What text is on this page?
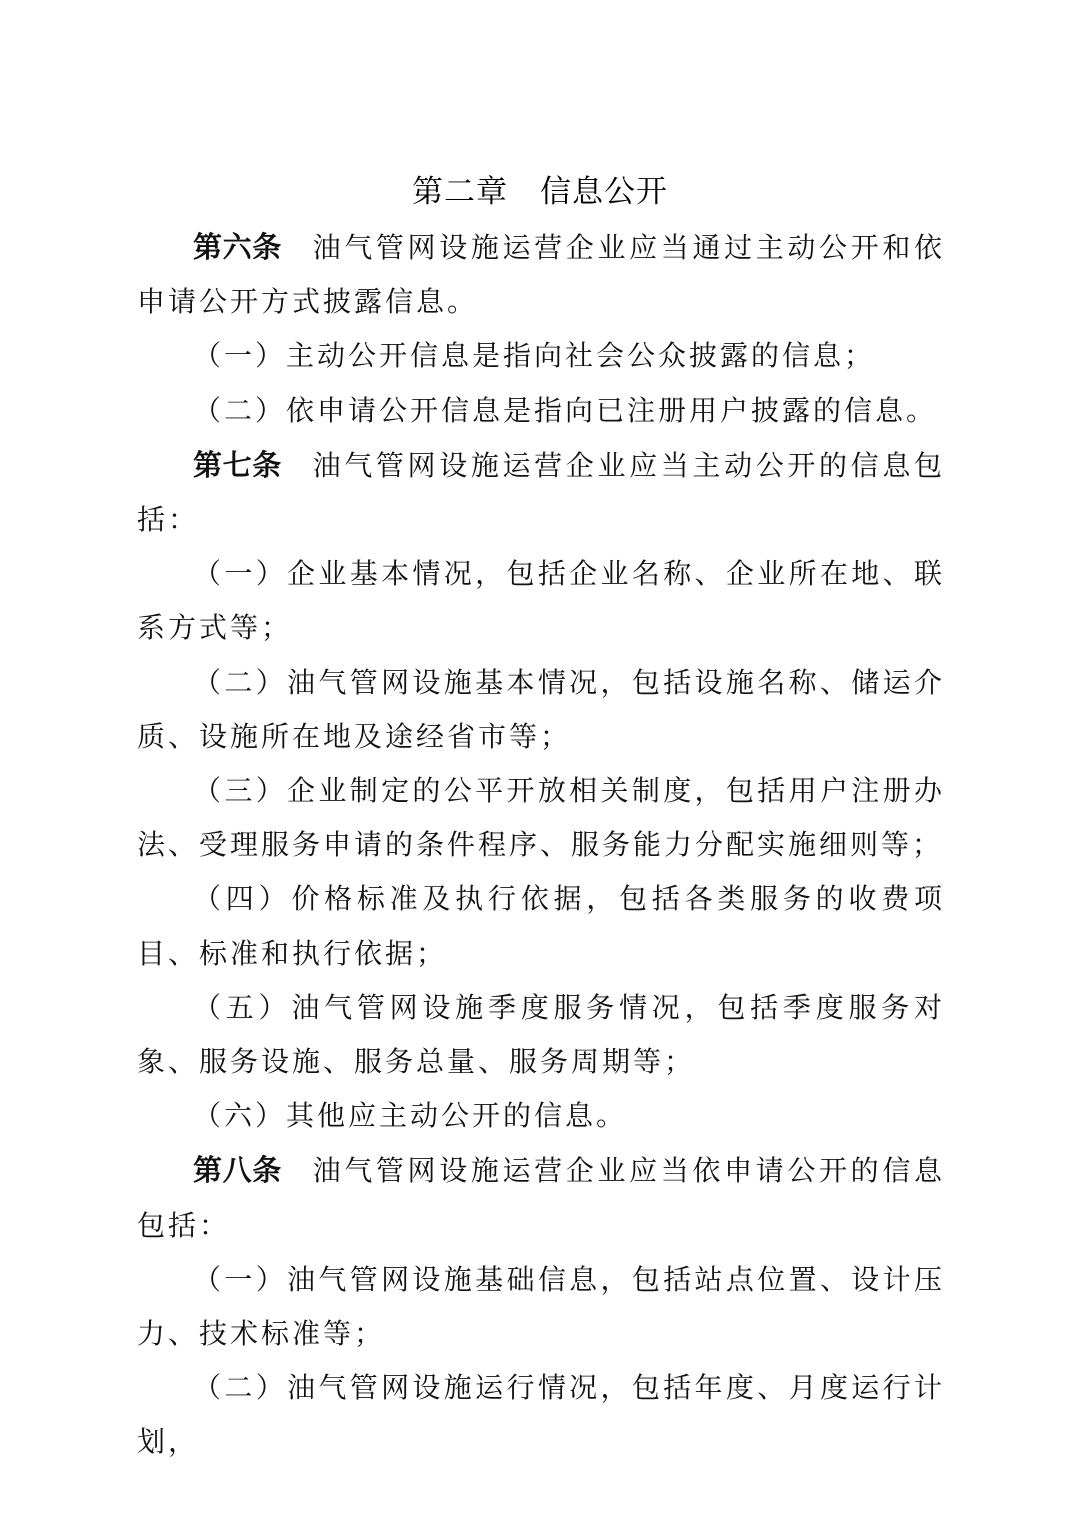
第二章　信息公开

第六条 油气管网设施运营企业应当通过主动公开和依申请公开方式披露信息。

（一）主动公开信息是指向社会公众披露的信息；

（二）依申请公开信息是指向已注册用户披露的信息。

第七条 油气管网设施运营企业应当主动公开的信息包括：

（一）企业基本情况，包括企业名称、企业所在地、联系方式等；

（二）油气管网设施基本情况，包括设施名称、储运介质、设施所在地及途经省市等；

（三）企业制定的公平开放相关制度，包括用户注册办法、受理服务申请的条件程序、服务能力分配实施细则等；

（四）价格标准及执行依据，包括各类服务的收费项目、标准和执行依据；

（五）油气管网设施季度服务情况，包括季度服务对象、服务设施、服务总量、服务周期等；

（六）其他应主动公开的信息。

第八条 油气管网设施运营企业应当依申请公开的信息包括：

（一）油气管网设施基础信息，包括站点位置、设计压力、技术标准等；

（二）油气管网设施运行情况，包括年度、月度运行计划，
